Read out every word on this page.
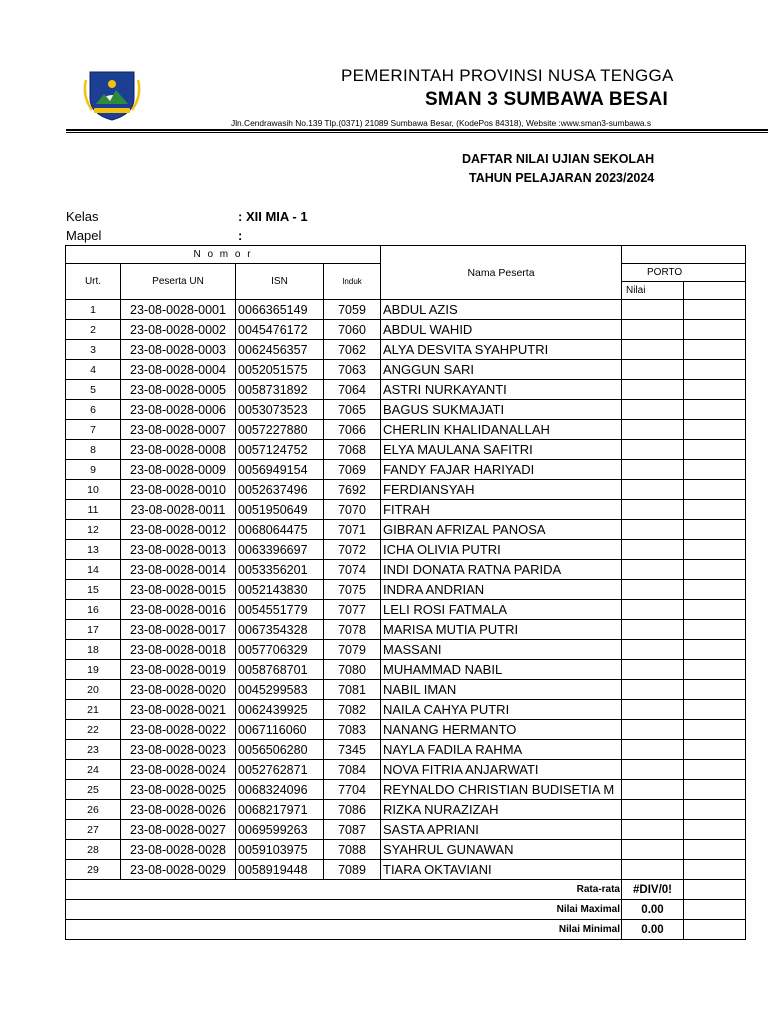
PEMERINTAH PROVINSI NUSA TENGGA
SMAN 3 SUMBAWA BESAI
Jln.Cendrawasih No.139 Tlp.(0371) 21089 Sumbawa Besar, (KodePos 84318), Website :www.sman3-sumbawa.s
DAFTAR NILAI UJIAN SEKOLAH
TAHUN PELAJARAN 2023/2024
Kelas	: XII MIA - 1
Mapel	:
N o m o r				Nama Peserta		
Urt.	Peserta UN	ISN	Induk		PORTO	
					Nilai	
1	23-08-0028-0001	0066365149	7059	ABDUL AZIS		
2	23-08-0028-0002	0045476172	7060	ABDUL WAHID		
3	23-08-0028-0003	0062456357	7062	ALYA DESVITA SYAHPUTRI		
4	23-08-0028-0004	0052051575	7063	ANGGUN SARI		
5	23-08-0028-0005	0058731892	7064	ASTRI NURKAYANTI		
6	23-08-0028-0006	0053073523	7065	BAGUS SUKMAJATI		
7	23-08-0028-0007	0057227880	7066	CHERLIN KHALIDANALLAH		
8	23-08-0028-0008	0057124752	7068	ELYA MAULANA SAFITRI		
9	23-08-0028-0009	0056949154	7069	FANDY FAJAR HARIYADI		
10	23-08-0028-0010	0052637496	7692	FERDIANSYAH		
11	23-08-0028-0011	0051950649	7070	FITRAH		
12	23-08-0028-0012	0068064475	7071	GIBRAN AFRIZAL PANOSA		
13	23-08-0028-0013	0063396697	7072	ICHA OLIVIA PUTRI		
14	23-08-0028-0014	0053356201	7074	INDI DONATA RATNA PARIDA		
15	23-08-0028-0015	0052143830	7075	INDRA ANDRIAN		
16	23-08-0028-0016	0054551779	7077	LELI ROSI FATMALA		
17	23-08-0028-0017	0067354328	7078	MARISA MUTIA PUTRI		
18	23-08-0028-0018	0057706329	7079	MASSANI		
19	23-08-0028-0019	0058768701	7080	MUHAMMAD NABIL		
20	23-08-0028-0020	0045299583	7081	NABIL IMAN		
21	23-08-0028-0021	0062439925	7082	NAILA CAHYA PUTRI		
22	23-08-0028-0022	0067116060	7083	NANANG HERMANTO		
23	23-08-0028-0023	0056506280	7345	NAYLA FADILA RAHMA		
24	23-08-0028-0024	0052762871	7084	NOVA FITRIA ANJARWATI		
25	23-08-0028-0025	0068324096	7704	REYNALDO CHRISTIAN BUDISETIA M		
26	23-08-0028-0026	0068217971	7086	RIZKA NURAZIZAH		
27	23-08-0028-0027	0069599263	7087	SASTA APRIANI		
28	23-08-0028-0028	0059103975	7088	SYAHRUL GUNAWAN		
29	23-08-0028-0029	0058919448	7089	TIARA OKTAVIANI		
Rata-rata					#DIV/0!	
Nilai Maximal					0.00	
Nilai Minimal					0.00	
